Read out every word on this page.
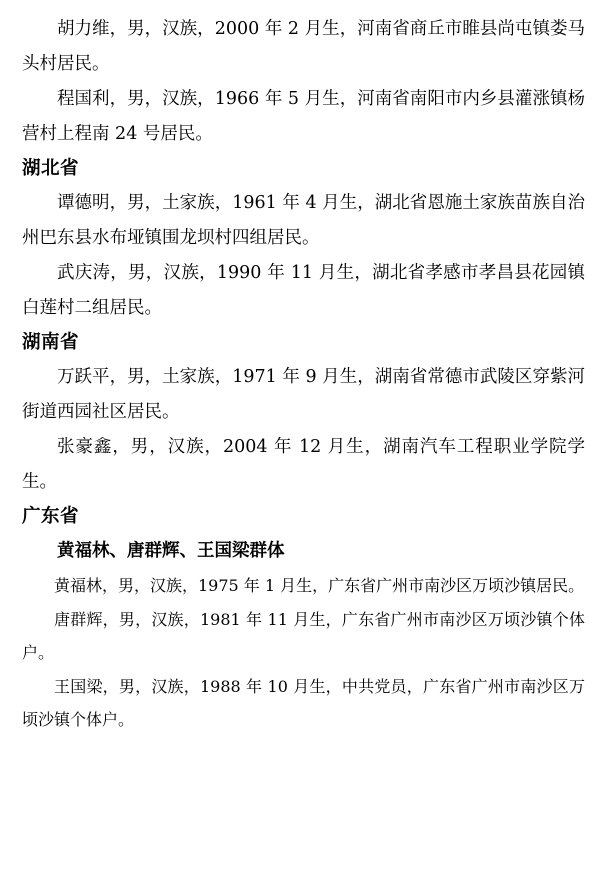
胡力维，男，汉族，2000 年 2 月生，河南省商丘市睢县尚屯镇娄马头村居民。

程国利，男，汉族，1966 年 5 月生，河南省南阳市内乡县灌涨镇杨营村上程南 24 号居民。

湖北省

谭德明，男，土家族，1961 年 4 月生，湖北省恩施土家族苗族自治州巴东县水布垭镇围龙坝村四组居民。

武庆涛，男，汉族，1990 年 11 月生，湖北省孝感市孝昌县花园镇白莲村二组居民。

湖南省

万跃平，男，土家族，1971 年 9 月生，湖南省常德市武陵区穿紫河街道西园社区居民。

张豪鑫，男，汉族，2004 年 12 月生，湖南汽车工程职业学院学生。

广东省

黄福林、唐群辉、王国梁群体

黄福林，男，汉族，1975 年 1 月生，广东省广州市南沙区万顷沙镇居民。

唐群辉，男，汉族，1981 年 11 月生，广东省广州市南沙区万顷沙镇个体户。

王国梁，男，汉族，1988 年 10 月生，中共党员，广东省广州市南沙区万顷沙镇个体户。
